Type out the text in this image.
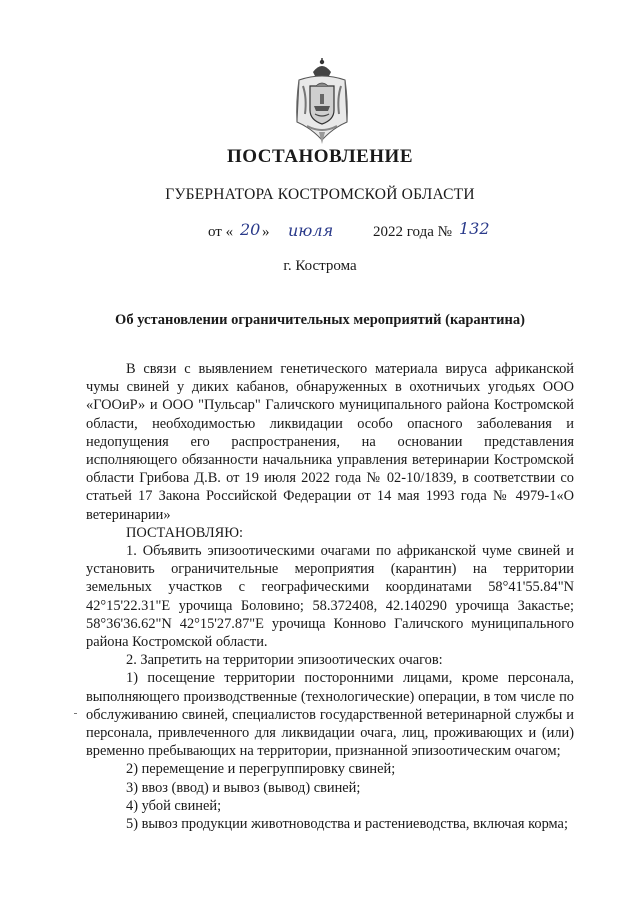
ПОСТАНОВЛЕНИЕ
ГУБЕРНАТОРА КОСТРОМСКОЙ ОБЛАСТИ
от « 20 » июля	2022 года № 132
г. Кострома
Об установлении ограничительных мероприятий (карантина)

В связи с выявлением генетического материала вируса африканской чумы свиней у диких кабанов, обнаруженных в охотничьих угодьях ООО «ГООиР» и ООО "Пульсар" Галичского муниципального района Костромской области, необходимостью ликвидации особо опасного заболевания и недопущения его распространения, на основании представления исполняющего обязанности начальника управления ветеринарии Костромской области Грибова Д.В. от 19 июля 2022 года № 02-10/1839, в соответствии со статьей 17 Закона Российской Федерации от 14 мая 1993 года № 4979-1«О ветеринарии»

ПОСТАНОВЛЯЮ:

1. Объявить эпизоотическими очагами по африканской чуме свиней и установить ограничительные мероприятия (карантин) на территории земельных участков с географическими координатами 58°41'55.84"N 42°15'22.31"E урочища Боловино; 58.372408, 42.140290 урочища Закастье; 58°36'36.62"N 42°15'27.87"E урочища Конново Галичского муниципального района Костромской области.

2. Запретить на территории эпизоотических очагов:

1) посещение территории посторонними лицами, кроме персонала, выполняющего производственные (технологические) операции, в том числе по обслуживанию свиней, специалистов государственной ветеринарной службы и персонала, привлеченного для ликвидации очага, лиц, проживающих и (или) временно пребывающих на территории, признанной эпизоотическим очагом;

2) перемещение и перегруппировку свиней;

3) ввоз (ввод) и вывоз (вывод) свиней;

4) убой свиней;

5) вывоз продукции животноводства и растениеводства, включая корма;
